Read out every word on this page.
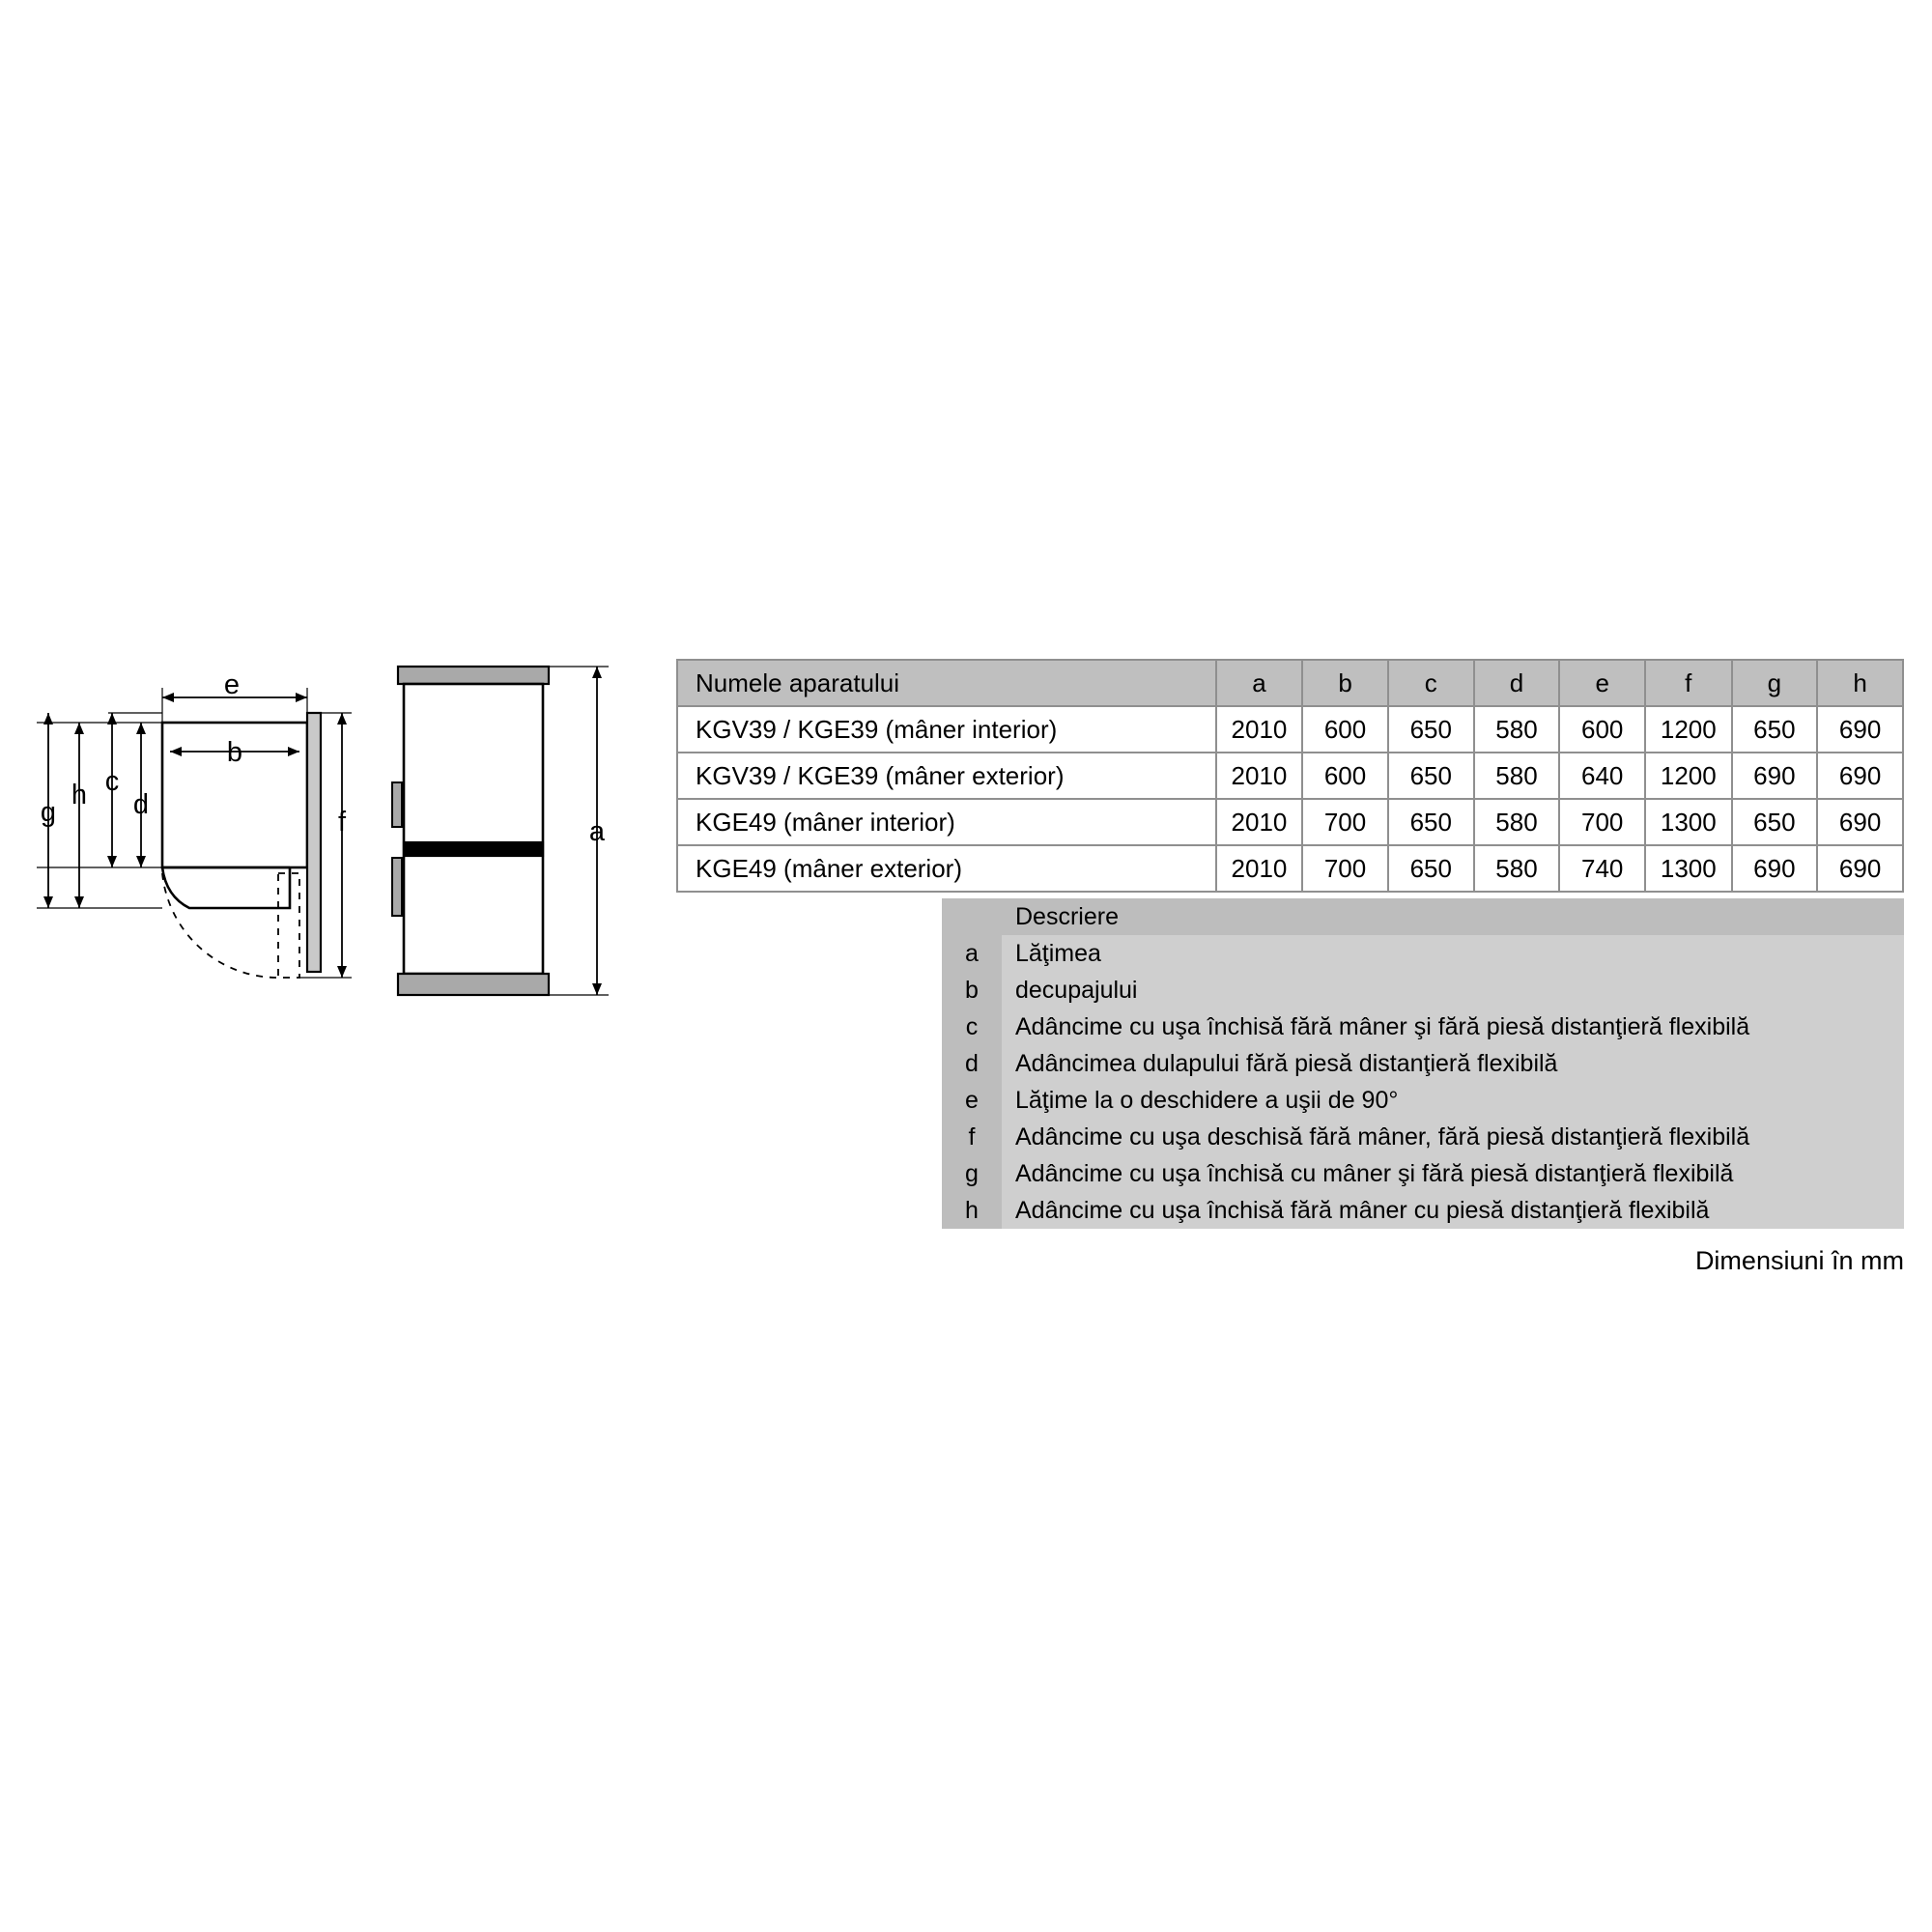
e
b
g
h c
d
f	a
Numele aparatului	a	b	c	d	e	f	g	h
KGV39 / KGE39 (mâner interior)	2010	600	650	580	600	1200	650	690
KGV39 / KGE39 (mâner exterior)	2010	600	650	580	640	1200	690	690
KGE49 (mâner interior)	2010	700	650	580	700	1300	650	690
KGE49 (mâner exterior)	2010	700	650	580	740	1300	690	690
	Descriere
a	Lăţimea
b	decupajului
c	Adâncime cu uşa închisă fără mâner şi fără piesă distanţieră flexibilă
d	Adâncimea dulapului fără piesă distanţieră flexibilă
e	Lăţime la o deschidere a uşii de 90°
f	Adâncime cu uşa deschisă fără mâner, fără piesă distanţieră flexibilă
g	Adâncime cu uşa închisă cu mâner şi fără piesă distanţieră flexibilă
h	Adâncime cu uşa închisă fără mâner cu piesă distanţieră flexibilă
Dimensiuni în mm
